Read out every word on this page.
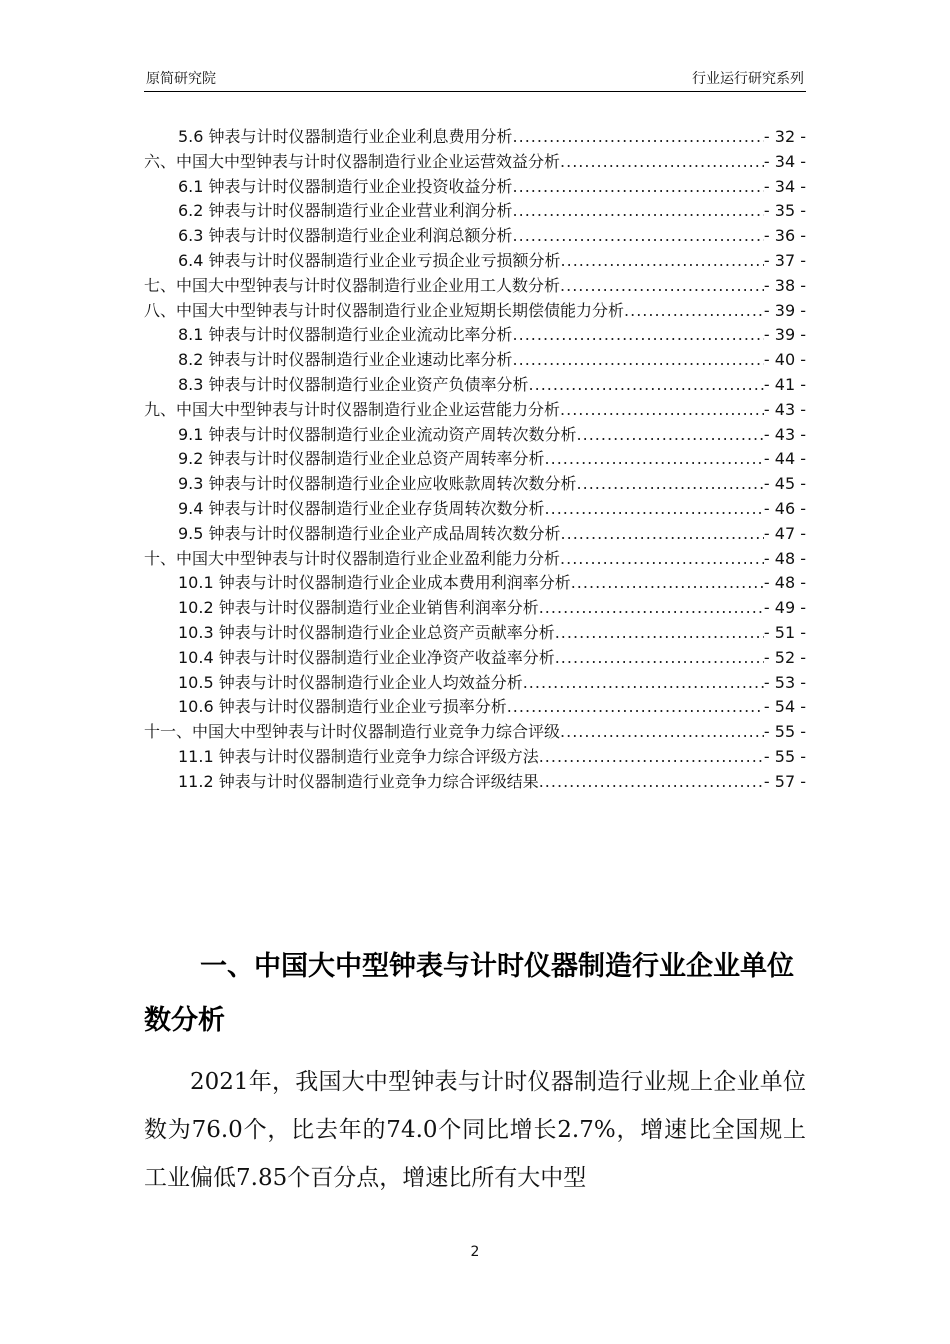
原简研究院	行业运行研究系列
5.6 钟表与计时仪器制造行业企业利息费用分析 .....	- 32 -
六、中国大中型钟表与计时仪器制造行业企业运营效益分析 .....	- 34 -
6.1 钟表与计时仪器制造行业企业投资收益分析 .....	- 34 -
6.2 钟表与计时仪器制造行业企业营业利润分析 .....	- 35 -
6.3 钟表与计时仪器制造行业企业利润总额分析 .....	- 36 -
6.4 钟表与计时仪器制造行业企业亏损企业亏损额分析 .....	- 37 -
七、中国大中型钟表与计时仪器制造行业企业用工人数分析 .....	- 38 -
八、中国大中型钟表与计时仪器制造行业企业短期长期偿债能力分析 .....	- 39 -
8.1 钟表与计时仪器制造行业企业流动比率分析 .....	- 39 -
8.2 钟表与计时仪器制造行业企业速动比率分析 .....	- 40 -
8.3 钟表与计时仪器制造行业企业资产负债率分析 .....	- 41 -
九、中国大中型钟表与计时仪器制造行业企业运营能力分析 .....	- 43 -
9.1 钟表与计时仪器制造行业企业流动资产周转次数分析 .....	- 43 -
9.2 钟表与计时仪器制造行业企业总资产周转率分析 .....	- 44 -
9.3 钟表与计时仪器制造行业企业应收账款周转次数分析 .....	- 45 -
9.4 钟表与计时仪器制造行业企业存货周转次数分析 .....	- 46 -
9.5 钟表与计时仪器制造行业企业产成品周转次数分析 .....	- 47 -
十、中国大中型钟表与计时仪器制造行业企业盈利能力分析 .....	- 48 -
10.1 钟表与计时仪器制造行业企业成本费用利润率分析 .....	- 48 -
10.2 钟表与计时仪器制造行业企业销售利润率分析 .....	- 49 -
10.3 钟表与计时仪器制造行业企业总资产贡献率分析 .....	- 51 -
10.4 钟表与计时仪器制造行业企业净资产收益率分析 .....	- 52 -
10.5 钟表与计时仪器制造行业企业人均效益分析 .....	- 53 -
10.6 钟表与计时仪器制造行业企业亏损率分析 .....	- 54 -
十一、中国大中型钟表与计时仪器制造行业竞争力综合评级 .....	- 55 -
11.1 钟表与计时仪器制造行业竞争力综合评级方法 .....	- 55 -
11.2 钟表与计时仪器制造行业竞争力综合评级结果 .....	- 57 -
一、中国大中型钟表与计时仪器制造行业企业单位数分析
2021年，我国大中型钟表与计时仪器制造行业规上企业单位数为76.0个，比去年的74.0个同比增长2.7%，增速比全国规上工业偏低7.85个百分点，增速比所有大中型
2
